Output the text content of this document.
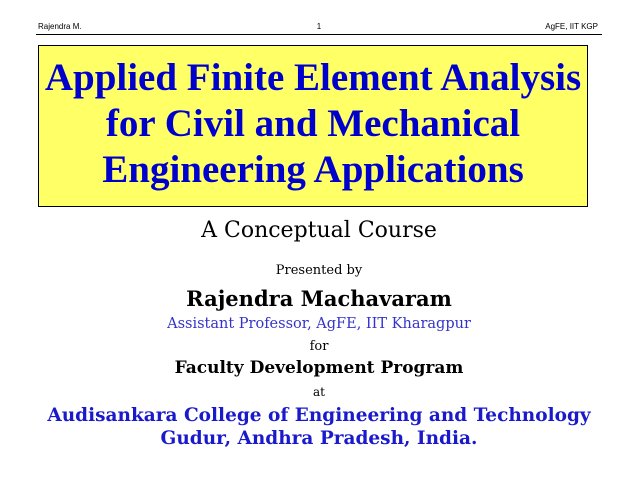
Rajendra M.	1	AgFE, IIT KGP
Applied Finite Element Analysis
for Civil and Mechanical
Engineering Applications
A Conceptual Course
Presented by
Rajendra Machavaram
Assistant Professor, AgFE, IIT Kharagpur
for
Faculty Development Program
at
Audisankara College of Engineering and Technology
Gudur, Andhra Pradesh, India.
